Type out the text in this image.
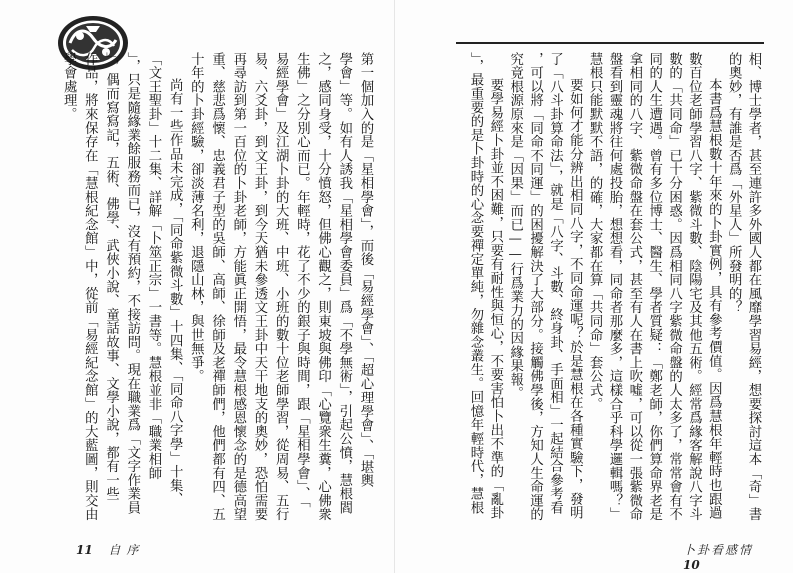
相、博士學者，甚至連許多外國人都在風靡學習易經，想要探討這本「奇」書
的奧妙，有誰是否爲「外星人」所發明的？
本書爲慧根數十年來的卜卦實例，具有參考價值。因爲慧根年輕時也跟過
數百位老師學習八字、紫微斗數、陰陽宅及其他五術。經常爲緣客解說八字斗
數的「共同命」已十分困惑。因爲相同八字紫微命盤的人太多了，常常會有不
同的人生遭遇。曾有多位博士、醫生、學者質疑：「鄭老師，你們算命界老是
拿相同的八字、紫微命盤在套公式，甚至有人在書上吹噓，可以從一張紫微命
盤看到靈魂將往何處投胎，想想看，同命者那麼多，這樣合乎科學邏輯嗎？」
慧根只能默默不語，的確，大家都在算「共同命」套公式。
要如何才能分辨出相同八字，不同命運呢？於是慧根在各種實驗下，發明
了「八斗卦算命法」，就是「八字、斗數、終身卦、手面相」一起結合參考看
，可以將「同命不同運」的困擾解決了大部分。接觸佛學後，方知人生命運的
究竟根源原來是「因果」而已——行爲業力的因緣果報。
要學易經卜卦並不困難，只要有耐性與恒心，不要害怕卜出不準的「亂卦
」，最重要的是卜卦時的心念要禪定單純，勿雜念叢生。回憶年輕時代，慧根
第一個加入的是「星相學會」，而後「易經學會」、「超心理學會」、「堪輿
學會」等。如有人誘我「星相學會委員」爲「不學無術」，引起公憤，慧根閻
之，感同身受，十分憤怒，但佛心觀之，則東坡與佛印「心覽衆生糞，心佛衆
生佛」之分別心而已。年輕時，花了不少的銀子與時間，跟「星相學會」、「
易經學會」及江湖卜卦的大班、中班、小班的數十位老師學習，從周易、五行
易、六爻卦，到文王卦，到今天猶未參透文王卦中天干地支的奧妙，恐怕需要
再尋訪到第一百位的卜卦老師，方能眞正開悟，最令慧根感恩懷念的是德高望
重、慈悲爲懷、忠義君子型的吳師、高師、徐師及老禪師們，他們都有四、五
十年的卜卦經驗，卻淡薄名利，退隱山林，與世無爭。
尚有一些作品未完成，「同命紫微斗數」十四集、「同命八字學」十集、
「文王聖卦」十二集、詳解「卜筮正宗」一書等。慧根並非「職業相師
」，只是隨緣業餘服務而已，沒有預約，不接訪問。現在職業爲「文字作業員
」，偶而寫寫記，五術、佛學、武俠小說、童話故事、文學小說，都有一些
作品，將來保存在「慧根紀念館」中，從前「易經紀念館」的大藍圖，則交由
學會處理。
11 自序	卜卦看感情 10
